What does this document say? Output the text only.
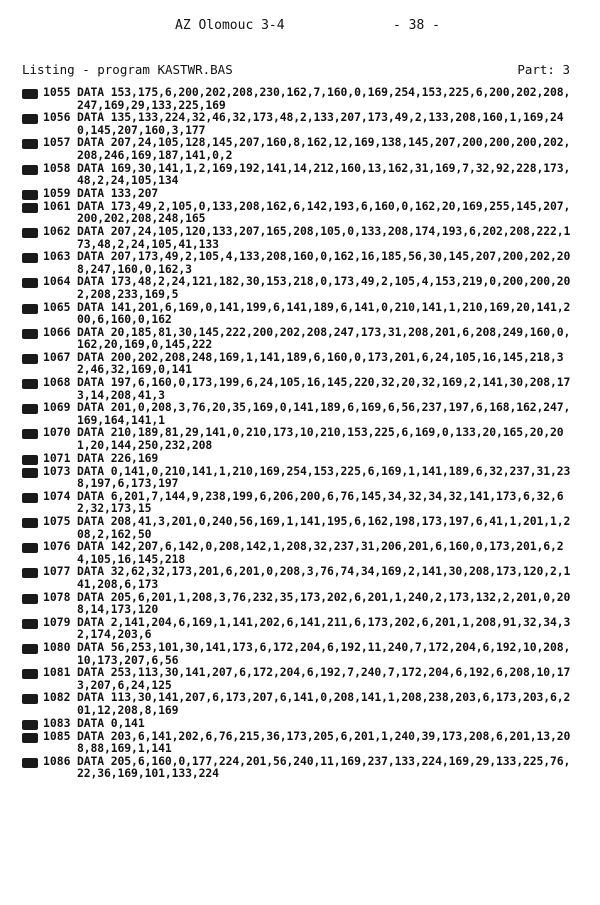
AZ Olomouc 3-4	- 38 -
Listing - program KASTWR.BAS	Part: 3
1055 DATA 153,175,6,200,202,208,230,162,7,160,0,169,254,153,225,6,200,202,208,247,169,29,133,225,169
1056 DATA 135,133,224,32,46,32,173,48,2,133,207,173,49,2,133,208,160,1,169,240,145,207,160,3,177
1057 DATA 207,24,105,128,145,207,160,8,162,12,169,138,145,207,200,200,200,202,208,246,169,187,141,0,2
1058 DATA 169,30,141,1,2,169,192,141,14,212,160,13,162,31,169,7,32,92,228,173,48,2,24,105,134
1059 DATA 133,207
1061 DATA 173,49,2,105,0,133,208,162,6,142,193,6,160,0,162,20,169,255,145,207,200,202,208,248,165
1062 DATA 207,24,105,120,133,207,165,208,105,0,133,208,174,193,6,202,208,222,173,48,2,24,105,41,133
1063 DATA 207,173,49,2,105,4,133,208,160,0,162,16,185,56,30,145,207,200,202,208,247,160,0,162,3
1064 DATA 173,48,2,24,121,182,30,153,218,0,173,49,2,105,4,153,219,0,200,200,202,208,233,169,5
1065 DATA 141,201,6,169,0,141,199,6,141,189,6,141,0,210,141,1,210,169,20,141,200,6,160,0,162
1066 DATA 20,185,81,30,145,222,200,202,208,247,173,31,208,201,6,208,249,160,0,162,20,169,0,145,222
1067 DATA 200,202,208,248,169,1,141,189,6,160,0,173,201,6,24,105,16,145,218,32,46,32,169,0,141
1068 DATA 197,6,160,0,173,199,6,24,105,16,145,220,32,20,32,169,2,141,30,208,173,14,208,41,3
1069 DATA 201,0,208,3,76,20,35,169,0,141,189,6,169,6,56,237,197,6,168,162,247,169,164,141,1
1070 DATA 210,189,81,29,141,0,210,173,10,210,153,225,6,169,0,133,20,165,20,201,20,144,250,232,208
1071 DATA 226,169
1073 DATA 0,141,0,210,141,1,210,169,254,153,225,6,169,1,141,189,6,32,237,31,238,197,6,173,197
1074 DATA 6,201,7,144,9,238,199,6,206,200,6,76,145,34,32,34,32,141,173,6,32,62,32,173,15
1075 DATA 208,41,3,201,0,240,56,169,1,141,195,6,162,198,173,197,6,41,1,201,1,208,2,162,50
1076 DATA 142,207,6,142,0,208,142,1,208,32,237,31,206,201,6,160,0,173,201,6,24,105,16,145,218
1077 DATA 32,62,32,173,201,6,201,0,208,3,76,74,34,169,2,141,30,208,173,120,2,141,208,6,173
1078 DATA 205,6,201,1,208,3,76,232,35,173,202,6,201,1,240,2,173,132,2,201,0,208,14,173,120
1079 DATA 2,141,204,6,169,1,141,202,6,141,211,6,173,202,6,201,1,208,91,32,34,32,174,203,6
1080 DATA 56,253,101,30,141,173,6,172,204,6,192,11,240,7,172,204,6,192,10,208,10,173,207,6,56
1081 DATA 253,113,30,141,207,6,172,204,6,192,7,240,7,172,204,6,192,6,208,10,173,207,6,24,125
1082 DATA 113,30,141,207,6,173,207,6,141,0,208,141,1,208,238,203,6,173,203,6,201,12,208,8,169
1083 DATA 0,141
1085 DATA 203,6,141,202,6,76,215,36,173,205,6,201,1,240,39,173,208,6,201,13,208,88,169,1,141
1086 DATA 205,6,160,0,177,224,201,56,240,11,169,237,133,224,169,29,133,225,76,22,36,169,101,133,224
